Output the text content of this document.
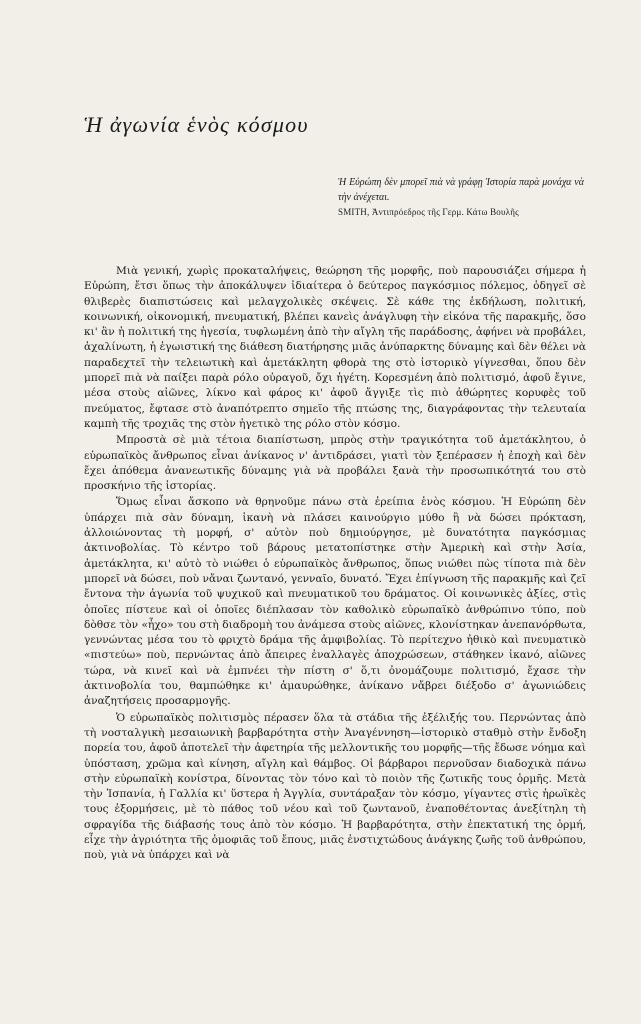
Ἡ ἀγωνία ἑνὸς κόσμου
Ἡ Εὐρώπη δὲν μπορεῖ πιὰ νὰ γράφῃ Ἱστορία παρὰ μονάχα νὰ τὴν ἀνέχεται.
SMITH, Ἀντιπρόεδρος τῆς Γερμ. Κάτω Βουλῆς

Μιὰ γενική, χωρὶς προκαταλήψεις, θεώρηση τῆς μορφῆς, ποὺ παρουσιάζει σήμερα ἡ Εὐρώπη, ἔτσι ὅπως τὴν ἀποκάλυψεν ἰδιαίτερα ὁ δεύτερος παγκόσμιος πόλεμος, ὁδηγεῖ σὲ θλιβερὲς διαπιστώσεις καὶ μελαγχολικὲς σκέψεις. Σὲ κάθε της ἐκδήλωση, πολιτική, κοινωνική, οἰκονομική, πνευματική, βλέπει κανεὶς ἀνάγλυφη τὴν εἰκόνα τῆς παρακμῆς, ὅσο κι' ἂν ἡ πολιτική της ἡγεσία, τυφλωμένη ἀπὸ τὴν αἴγλη τῆς παράδοσης, ἀφήνει νὰ προβάλει, ἀχαλίνωτη, ἡ ἐγωιστική της διάθεση διατήρησης μιᾶς ἀνύπαρκτης δύναμης καὶ δὲν θέλει νὰ παραδεχτεῖ τὴν τελειωτικὴ καὶ ἀμετάκλητη φθορὰ της στὸ ἱστορικὸ γίγνεσθαι, ὅπου δὲν μπορεῖ πιὰ νὰ παίξει παρὰ ρόλο οὐραγοῦ, ὄχι ἡγέτη. Κορεσμένη ἀπὸ πολιτισμό, ἀφοῦ ἔγινε, μέσα στοὺς αἰῶνες, λίκνο καὶ φάρος κι' ἀφοῦ ἄγγιξε τὶς πιὸ ἀθώρητες κορυφὲς τοῦ πνεύματος, ἔφτασε στὸ ἀναπότρεπτο σημεῖο τῆς πτώσης της, διαγράφοντας τὴν τελευταία καμπὴ τῆς τροχιᾶς της στὸν ἡγετικὸ της ρόλο στὸν κόσμο.

Μπροστὰ σὲ μιὰ τέτοια διαπίστωση, μπρὸς στὴν τραγικότητα τοῦ ἀμετάκλητου, ὁ εὐρωπαϊκὸς ἄνθρωπος εἶναι ἀνίκανος ν' ἀντιδράσει, γιατὶ τὸν ξεπέρασεν ἡ ἐποχὴ καὶ δὲν ἔχει ἀπόθεμα ἀνανεωτικῆς δύναμης γιὰ νὰ προβάλει ξανὰ τὴν προσωπικότητά του στὸ προσκήνιο τῆς ἱστορίας.

Ὅμως εἶναι ἄσκοπο νὰ θρηνοῦμε πάνω στὰ ἐρείπια ἑνὸς κόσμου. Ἡ Εὐρώπη δὲν ὑπάρχει πιὰ σὰν δύναμη, ἱκανὴ νὰ πλάσει καινούργιο μύθο ἢ νὰ δώσει πρόκταση, ἀλλοιώνοντας τὴ μορφή, σ' αὐτὸν ποὺ δημιούργησε, μὲ δυνατότητα παγκόσμιας ἀκτινοβολίας. Τὸ κέντρο τοῦ βάρους μετατοπίστηκε στὴν Ἀμερικὴ καὶ στὴν Ἀσία, ἀμετάκλητα, κι' αὐτὸ τὸ νιώθει ὁ εὐρωπαϊκὸς ἄνθρωπος, ὅπως νιώθει πὼς τίποτα πιὰ δὲν μπορεῖ νὰ δώσει, ποὺ νἄναι ζωντανό, γενναῖο, δυνατό. Ἔχει ἐπίγνωση τῆς παρακμῆς καὶ ζεῖ ἔντονα τὴν ἀγωνία τοῦ ψυχικοῦ καὶ πνευματικοῦ του δράματος. Οἱ κοινωνικὲς ἀξίες, στὶς ὁποῖες πίστευε καὶ οἱ ὁποῖες διέπλασαν τὸν καθολικὸ εὐρωπαϊκὸ ἀνθρώπινο τύπο, ποὺ δὸθσε τὸν «ἦχο» του στὴ διαδρομὴ του ἀνάμεσα στοὺς αἰῶνες, κλονίστηκαν ἀνεπανόρθωτα, γεννώντας μέσα του τὸ φριχτὸ δράμα τῆς ἀμφιβολίας. Τὸ περίτεχνο ἠθικὸ καὶ πνευματικὸ «πιστεύω» ποὺ, περνώντας ἀπὸ ἄπειρες ἐναλλαγὲς ἀποχρώσεων, στάθηκεν ἱκανό, αἰῶνες τώρα, νὰ κινεῖ καὶ νὰ ἐμπνέει τὴν πίστη σ' ὅ,τι ὀνομάζουμε πολιτισμό, ἔχασε τὴν ἀκτινοβολία του, θαμπώθηκε κι' ἀμαυρώθηκε, ἀνίκανο νἄβρει διέξοδο σ' ἀγωνιώδεις ἀναζητήσεις προσαρμογῆς.

Ὁ εὐρωπαϊκὸς πολιτισμὸς πέρασεν ὅλα τὰ στάδια τῆς ἐξέλιξής του. Περνώντας ἀπὸ τὴ νοσταλγικὴ μεσαιωνικὴ βαρβαρότητα στὴν Ἀναγέννηση—ἱστορικὸ σταθμὸ στὴν ἔνδοξη πορεία του, ἀφοῦ ἀποτελεῖ τὴν ἀφετηρία τῆς μελλοντικῆς του μορφῆς—τῆς ἔδωσε νόημα καὶ ὑπόσταση, χρῶμα καὶ κίνηση, αἴγλη καὶ θάμβος. Οἱ βάρβαροι περνοῦσαν διαδοχικὰ πάνω στὴν εὐρωπαϊκὴ κονίστρα, δίνοντας τὸν τόνο καὶ τὸ ποιὸν τῆς ζωτικῆς τους ὁρμῆς. Μετὰ τὴν Ἱσπανία, ἡ Γαλλία κι' ὕστερα ἡ Ἀγγλία, συντάραξαν τὸν κόσμο, γίγαντες στὶς ἡρωϊκὲς τους ἐξορμήσεις, μὲ τὸ πάθος τοῦ νέου καὶ τοῦ ζωντανοῦ, ἐναποθέτοντας ἀνεξίτηλη τὴ σφραγίδα τῆς διάβασής τους ἀπὸ τὸν κόσμο. Ἡ βαρβαρότητα, στὴν ἐπεκτατική της ὁρμή, εἶχε τὴν ἀγριότητα τῆς ὁμοφιᾶς τοῦ ἔπους, μιᾶς ἐνστιχτώδους ἀνάγκης ζωῆς τοῦ ἀνθρώπου, ποὺ, γιὰ νὰ ὑπάρχει καὶ νὰ
